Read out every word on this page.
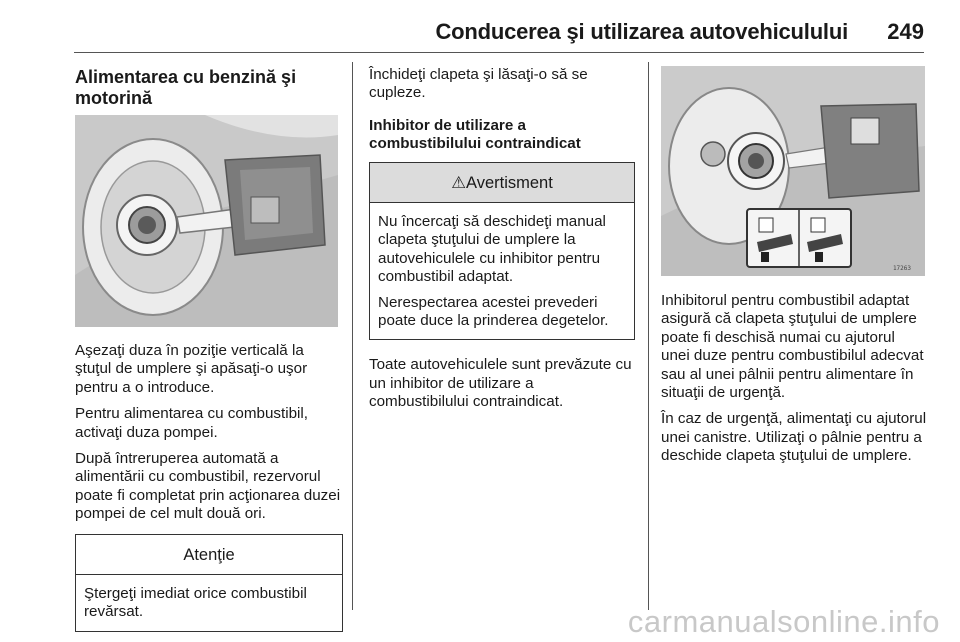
Conducerea şi utilizarea autovehiculului 249
Alimentarea cu benzină şi motorină

Aşezaţi duza în poziţie verticală la ştuţul de umplere şi apăsaţi-o uşor pentru a o introduce.

Pentru alimentarea cu combustibil, activaţi duza pompei.

După întreruperea automată a alimentării cu combustibil, rezervorul poate fi completat prin acţionarea duzei pompei de cel mult două ori.

Atenţie

Ştergeţi imediat orice combustibil revărsat.

Închideţi clapeta şi lăsaţi-o să se cupleze.

Inhibitor de utilizare a combustibilului contraindicat

⚠Avertisment

Nu încercaţi să deschideţi manual clapeta ştuţului de umplere la autovehiculele cu inhibitor pentru combustibil adaptat.

Nerespectarea acestei prevederi poate duce la prinderea degetelor.

Toate autovehiculele sunt prevăzute cu un inhibitor de utilizare a combustibilului contraindicat.

17263

Inhibitorul pentru combustibil adaptat asigură că clapeta ştuţului de umplere poate fi deschisă numai cu ajutorul unei duze pentru combustibilul adecvat sau al unei pâlnii pentru alimentare în situaţii de urgenţă.

În caz de urgenţă, alimentaţi cu ajutorul unei canistre. Utilizaţi o pâlnie pentru a deschide clapeta ştuţului de umplere.

carmanualsonline.info
